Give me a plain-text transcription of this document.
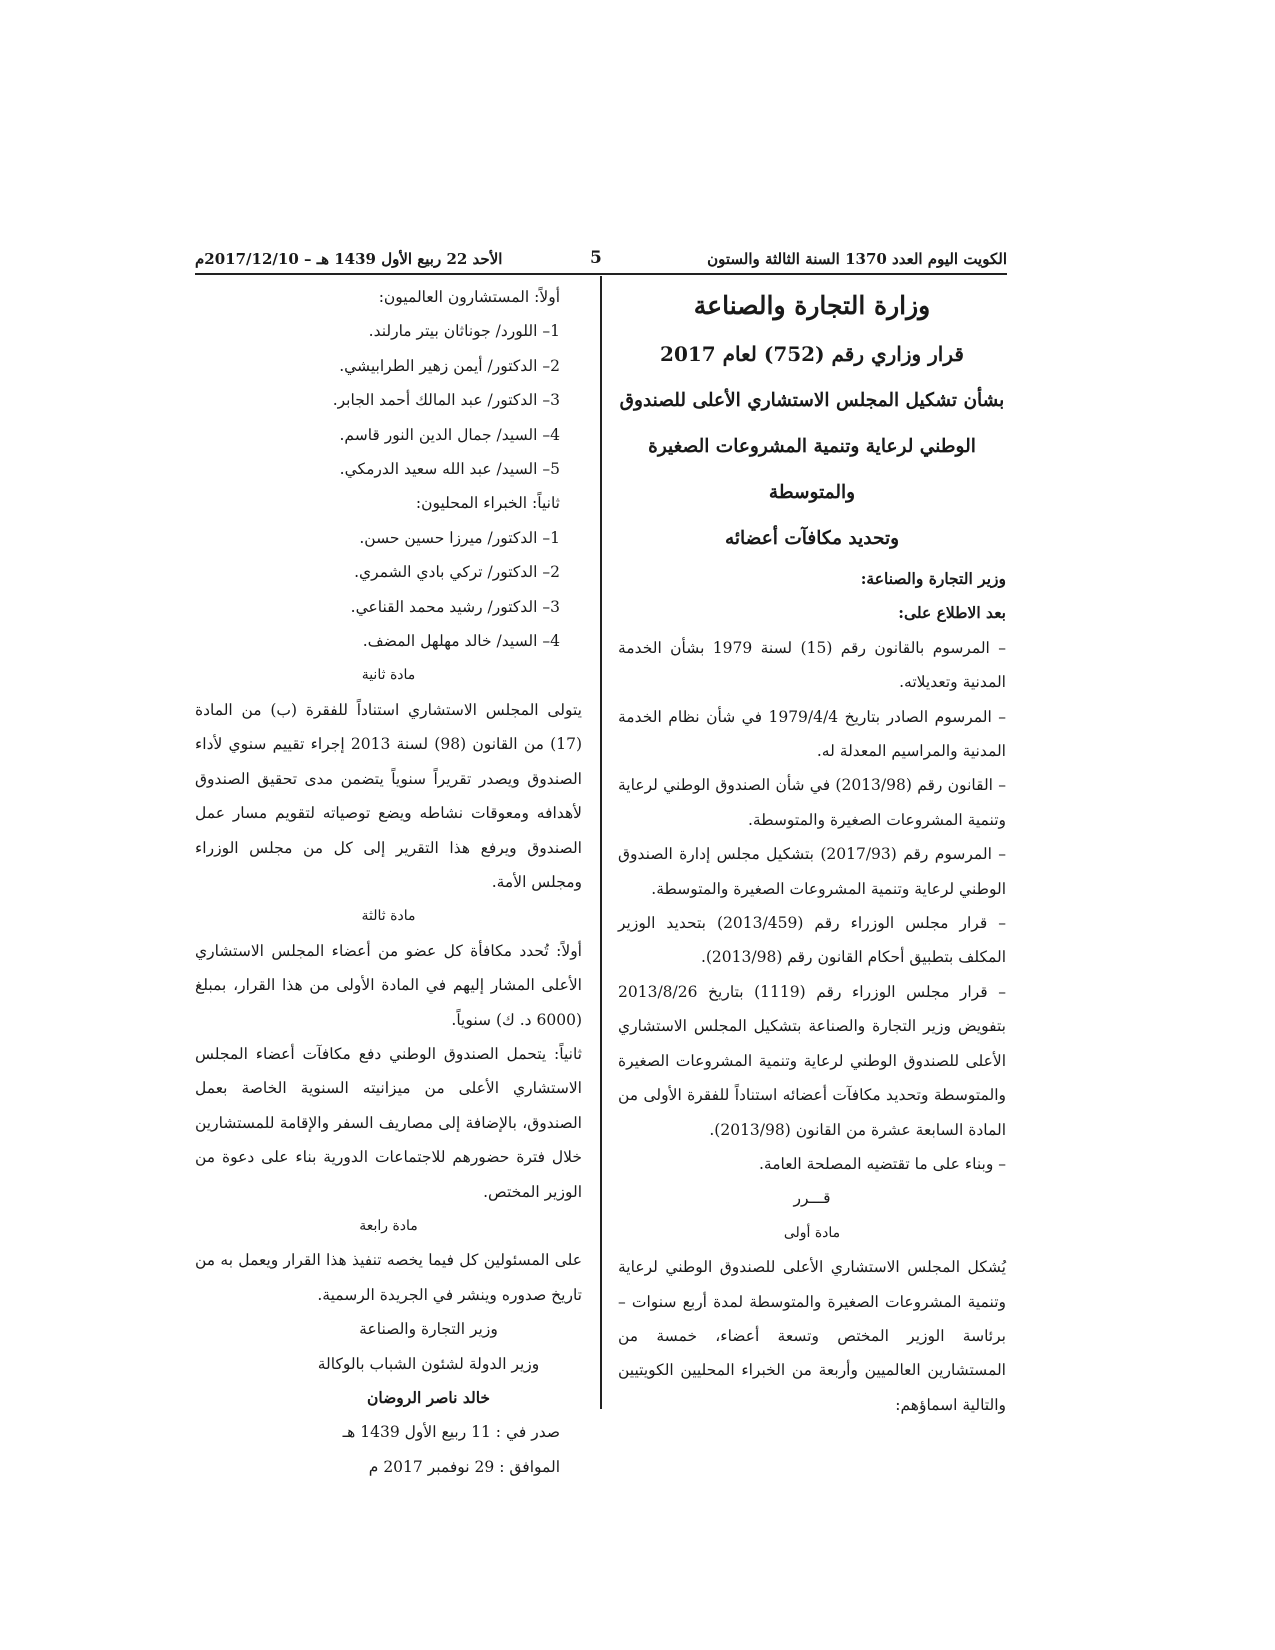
الكويت اليوم العدد 1370 السنة الثالثة والستون
5
الأحد 22 ربيع الأول 1439 هـ – 2017/12/10م

وزارة التجارة والصناعة

قرار وزاري رقم (752) لعام 2017

بشأن تشكيل المجلس الاستشاري الأعلى للصندوق

الوطني لرعاية وتنمية المشروعات الصغيرة والمتوسطة

وتحديد مكافآت أعضائه

وزير التجارة والصناعة:

بعد الاطلاع على:

– المرسوم بالقانون رقم (15) لسنة 1979 بشأن الخدمة المدنية وتعديلاته.

– المرسوم الصادر بتاريخ 1979/4/4 في شأن نظام الخدمة المدنية والمراسيم المعدلة له.

– القانون رقم (2013/98) في شأن الصندوق الوطني لرعاية وتنمية المشروعات الصغيرة والمتوسطة.

– المرسوم رقم (2017/93) بتشكيل مجلس إدارة الصندوق الوطني لرعاية وتنمية المشروعات الصغيرة والمتوسطة.

– قرار مجلس الوزراء رقم (2013/459) بتحديد الوزير المكلف بتطبيق أحكام القانون رقم (2013/98).

– قرار مجلس الوزراء رقم (1119) بتاريخ 2013/8/26 بتفويض وزير التجارة والصناعة بتشكيل المجلس الاستشاري الأعلى للصندوق الوطني لرعاية وتنمية المشروعات الصغيرة والمتوسطة وتحديد مكافآت أعضائه استناداً للفقرة الأولى من المادة السابعة عشرة من القانون (2013/98).

– وبناء على ما تقتضيه المصلحة العامة.

قـــرر

مادة أولى

يُشكل المجلس الاستشاري الأعلى للصندوق الوطني لرعاية وتنمية المشروعات الصغيرة والمتوسطة لمدة أربع سنوات – برئاسة الوزير المختص وتسعة أعضاء، خمسة من المستشارين العالميين وأربعة من الخبراء المحليين الكويتيين والتالية اسماؤهم:

أولاً: المستشارون العالميون:

1– اللورد/ جوناثان بيتر مارلند.

2– الدكتور/ أيمن زهير الطرابيشي.

3– الدكتور/ عبد المالك أحمد الجابر.

4– السيد/ جمال الدين النور قاسم.

5– السيد/ عبد الله سعيد الدرمكي.

ثانياً: الخبراء المحليون:

1– الدكتور/ ميرزا حسين حسن.

2– الدكتور/ تركي بادي الشمري.

3– الدكتور/ رشيد محمد القناعي.

4– السيد/ خالد مهلهل المضف.

مادة ثانية

يتولى المجلس الاستشاري استناداً للفقرة (ب) من المادة (17) من القانون (98) لسنة 2013 إجراء تقييم سنوي لأداء الصندوق ويصدر تقريراً سنوياً يتضمن مدى تحقيق الصندوق لأهدافه ومعوقات نشاطه ويضع توصياته لتقويم مسار عمل الصندوق ويرفع هذا التقرير إلى كل من مجلس الوزراء ومجلس الأمة.

مادة ثالثة

أولاً: تُحدد مكافأة كل عضو من أعضاء المجلس الاستشاري الأعلى المشار إليهم في المادة الأولى من هذا القرار، بمبلغ (6000 د. ك) سنوياً.

ثانياً: يتحمل الصندوق الوطني دفع مكافآت أعضاء المجلس الاستشاري الأعلى من ميزانيته السنوية الخاصة بعمل الصندوق، بالإضافة إلى مصاريف السفر والإقامة للمستشارين خلال فترة حضورهم للاجتماعات الدورية بناء على دعوة من الوزير المختص.

مادة رابعة

على المسئولين كل فيما يخصه تنفيذ هذا القرار ويعمل به من تاريخ صدوره وينشر في الجريدة الرسمية.

وزير التجارة والصناعة

وزير الدولة لشئون الشباب بالوكالة

خالد ناصر الروضان

صدر في : 11 ربيع الأول 1439 هـ

الموافق : 29 نوفمبر 2017 م
